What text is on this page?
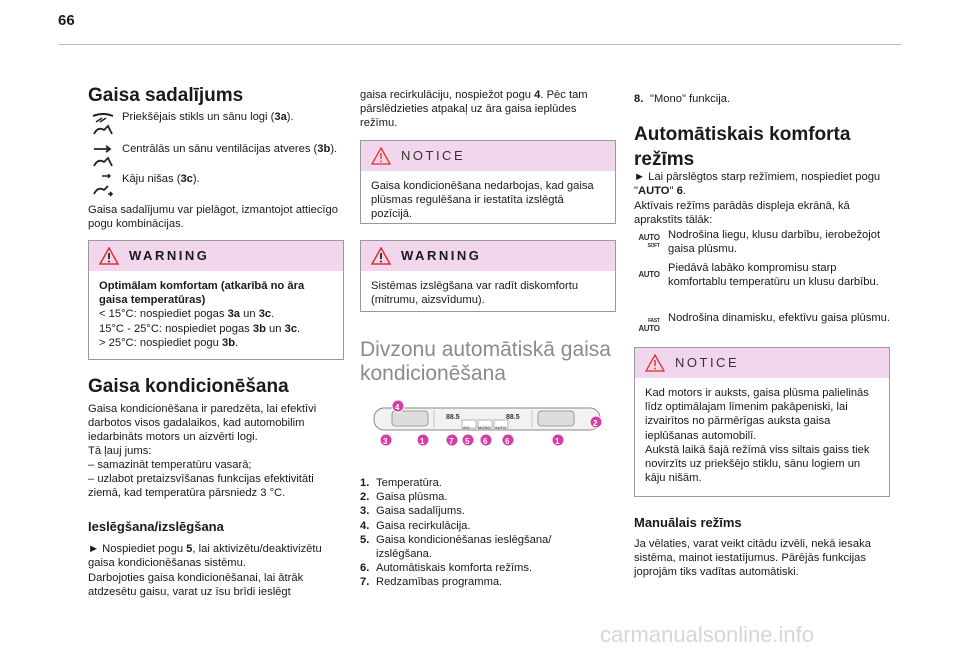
66
Gaisa sadalījums
Priekšējais stikls un sānu logi (3a).
Centrālās un sānu ventilācijas atveres (3b).
Kāju nišas (3c).

Gaisa sadalījumu var pielāgot, izmantojot attiecīgo pogu kombinācijas.

WARNING
Optimālam komfortam (atkarībā no āra gaisa temperatūras)
< 15°C: nospiediet pogas 3a un 3c.
15°C - 25°C: nospiediet pogas 3b un 3c.
> 25°C: nospiediet pogu 3b.
Gaisa kondicionēšana

Gaisa kondicionēšana ir paredzēta, lai efektīvi darbotos visos gadalaikos, kad automobilim iedarbināts motors un aizvērti logi.

Tā ļauj jums:

– samazināt temperatūru vasarā;

– uzlabot pretaizsvīšanas funkcijas efektivitāti ziemā, kad temperatūra pārsniedz 3 °C.

Ieslēgšana/izslēgšana

► Nospiediet pogu 5, lai aktivizētu/deaktivizētu gaisa kondicionēšanas sistēmu.

Darbojoties gaisa kondicionēšanai, lai ātrāk atdzesētu gaisu, varat uz īsu brīdi ieslēgt

gaisa recirkulāciju, nospiežot pogu 4. Pēc tam pārslēdzieties atpakaļ uz āra gaisa ieplūdes režīmu.

NOTICE
Gaisa kondicionēšana nedarbojas, kad gaisa plūsmas regulēšana ir iestatīta izslēgtā pozīcijā.
WARNING
Sistēmas izslēgšana var radīt diskomfortu (mitrumu, aizsvīdumu).
Divzonu automātiskā gaisa kondicionēšana
88.5	88.5
A/C MONO AUTO
4
2
3	1	7 5 6 6	1
1. Temperatūra.
2. Gaisa plūsma.
3. Gaisa sadalījums.
4. Gaisa recirkulācija.
5. Gaisa kondicionēšanas ieslēgšana/ izslēgšana.
6. Automātiskais komforta režīms.
7. Redzamības programma.
8. "Mono" funkcija.
Automātiskais komforta režīms

► Lai pārslēgtos starp režīmiem, nospiediet pogu "AUTO" 6.

Aktīvais režīms parādās displeja ekrānā, kā aprakstīts tālāk:

AUTO
SOFT
Nodrošina liegu, klusu darbību, ierobežojot gaisa plūsmu.
AUTO
Piedāvā labāko kompromisu starp komfortablu temperatūru un klusu darbību.
FAST
AUTO
Nodrošina dinamisku, efektīvu gaisa plūsmu.
NOTICE
Kad motors ir auksts, gaisa plūsma palielinās līdz optimālajam līmenim pakāpeniski, lai izvairītos no pārmērīgas auksta gaisa ieplūšanas automobilī.
Aukstā laikā šajā režīmā viss siltais gaiss tiek novirzīts uz priekšējo stiklu, sānu logiem un kāju nišām.
Manuālais režīms

Ja vēlaties, varat veikt citādu izvēli, nekā iesaka sistēma, mainot iestatījumus. Pārējās funkcijas joprojām tiks vadītas automātiski.

carmanualsonline.info
